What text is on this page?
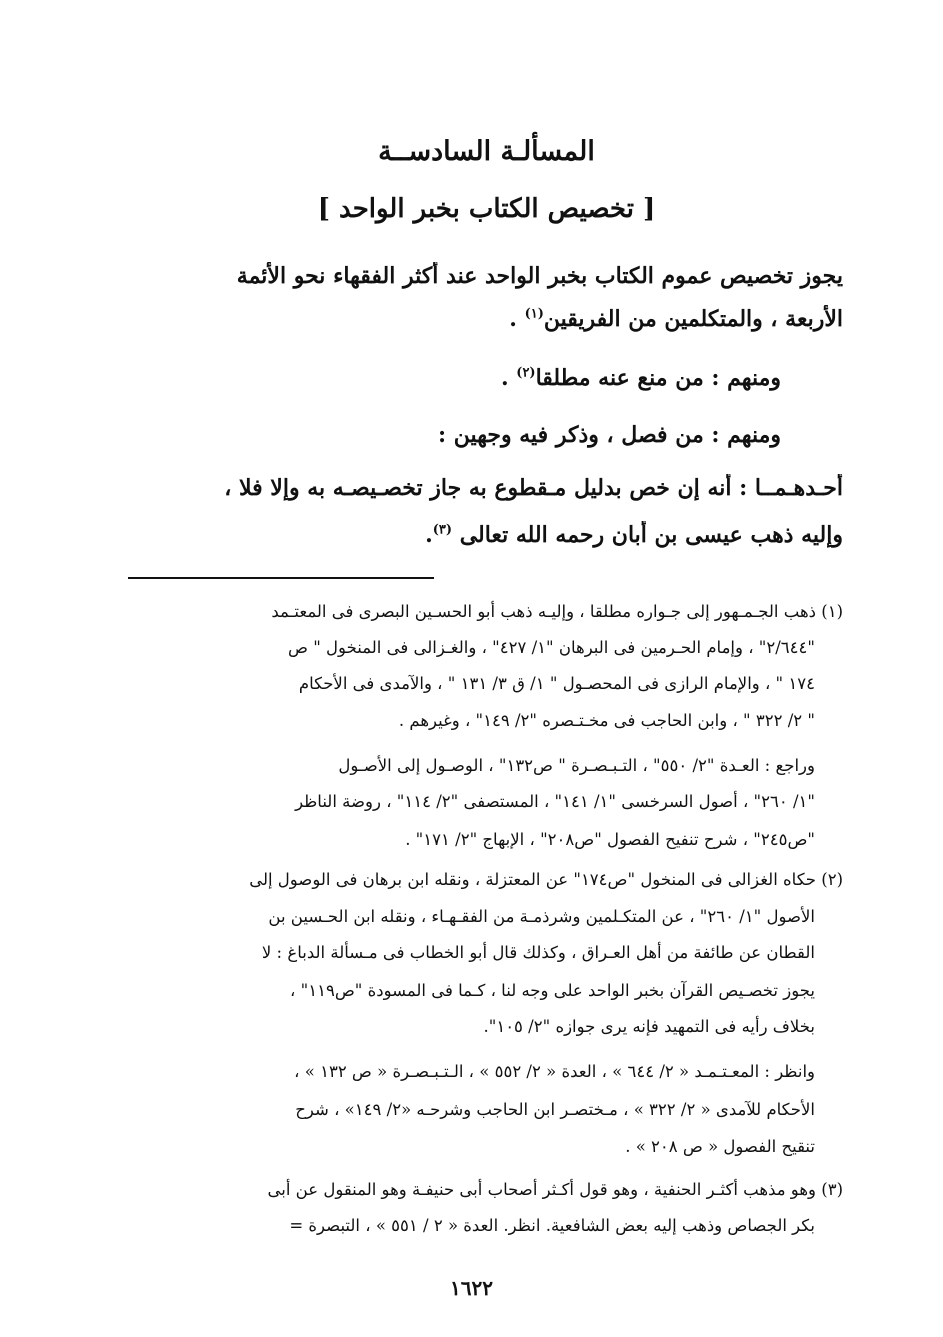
المسألـة السادســة
[ تخصيص الكتاب بخبر الواحد ]
يجوز تخصيص عموم الكتاب بخبر الواحد عند أكثر الفقهاء نحو الأئمة
الأربعة ، والمتكلمين من الفريقين$^{(١)}$ .
ومنهم : من منع عنه مطلقا$^{(٢)}$ .
ومنهم : من فصل ، وذكر فيه وجهين :
أحـدهـمــا : أنه إن خص بدليل مـقطوع به جاز تخصـيصـه به وإلا فلا ،
وإليه ذهب عيسى بن أبان رحمه الله تعالى $^{(٣)}$.
(١) ذهب الجـمـهور إلى جـواره مطلقا ، وإليـه ذهب أبو الحسـين البصرى فى المعتـمد
"٢/٦٤٤" ، وإمام الحـرمين فى البرهان "١/ ٤٢٧" ، والغـزالى فى المنخول " ص
١٧٤ " ، والإمام الرازى فى المحصـول " ١/ ق ٣/ ١٣١ " ، والآمدى فى الأحكام
" ٢/ ٣٢٢ " ، وابن الحاجب فى مخـتـصره "٢/ ١٤٩" ، وغيرهم .
وراجع : العـدة "٢/ ٥٥٠" ، التـبـصـرة " ص١٣٢" ، الوصـول إلى الأصـول
"١/ ٢٦٠" ، أصول السرخسى "١/ ١٤١" ، المستصفى "٢/ ١١٤" ، روضة الناظر
"ص٢٤٥" ، شرح تنفيح الفصول "ص٢٠٨" ، الإبهاج "٢/ ١٧١" .
(٢) حكاه الغزالى فى المنخول "ص١٧٤" عن المعتزلة ، ونقله ابن برهان فى الوصول إلى
الأصول "١/ ٢٦٠" ، عن المتكـلمين وشرذمـة من الفقـهـاء ، ونقله ابن الحـسين بن
القطان عن طائفة من أهل العـراق ، وكذلك قال أبو الخطاب فى مـسألة الدباغ : لا
يجوز تخصـيص القرآن بخبر الواحد على وجه لنا ، كـما فى المسودة "ص١١٩" ،
بخلاف رأيه فى التمهيد فإنه يرى جوازه "٢/ ١٠٥".
وانظر : المعـتـمـد « ٢/ ٦٤٤ » ، العدة « ٢/ ٥٥٢ » ، الـتـبـصـرة « ص ١٣٢ » ،
الأحكام للآمدى « ٢/ ٣٢٢ » ، مـختصـر ابن الحاجب وشرحـه «٢/ ١٤٩» ، شرح
تنقيح الفصول « ص ٢٠٨ » .
(٣) وهو مذهب أكثـر الحنفية ، وهو قول أكـثر أصحاب أبى حنيفـة وهو المنقول عن أبى
بكر الجصاص وذهب إليه بعض الشافعية. انظر. العدة « ٢ / ٥٥١ » ، التبصرة =
١٦٢٢
